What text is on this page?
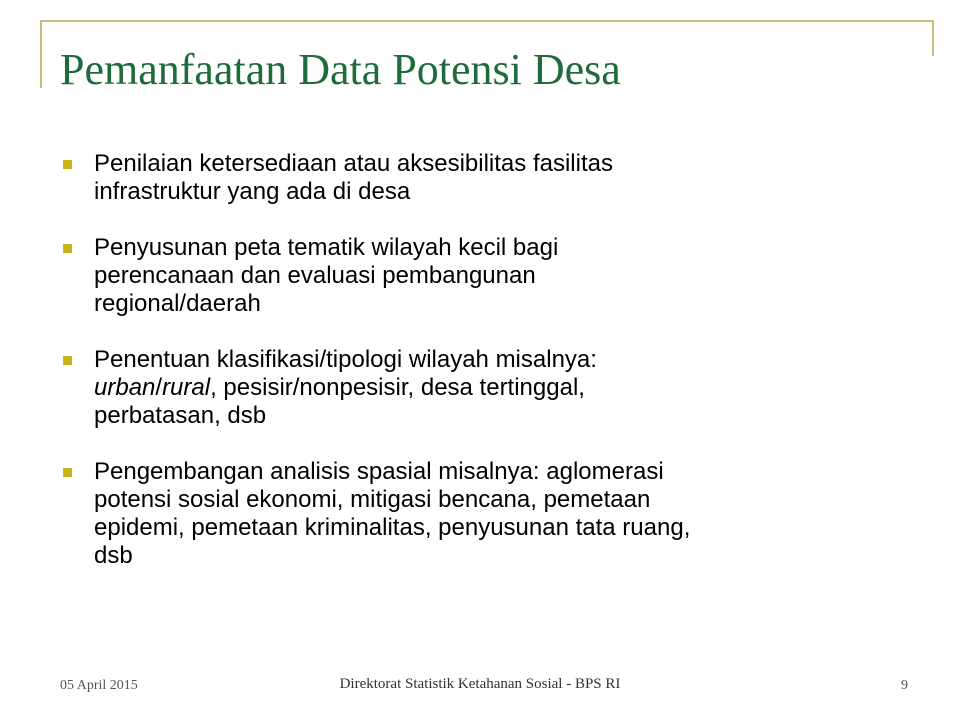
Pemanfaatan Data Potensi Desa
Penilaian ketersediaan atau aksesibilitas fasilitas
infrastruktur yang ada di desa
Penyusunan peta tematik wilayah kecil bagi
perencanaan dan evaluasi pembangunan
regional/daerah
Penentuan klasifikasi/tipologi wilayah misalnya:
urban/rural, pesisir/nonpesisir, desa tertinggal,
perbatasan, dsb
Pengembangan analisis spasial misalnya: aglomerasi
potensi sosial ekonomi, mitigasi bencana, pemetaan
epidemi, pemetaan kriminalitas, penyusunan tata ruang,
dsb
05 April 2015	Direktorat Statistik Ketahanan Sosial - BPS RI	9
